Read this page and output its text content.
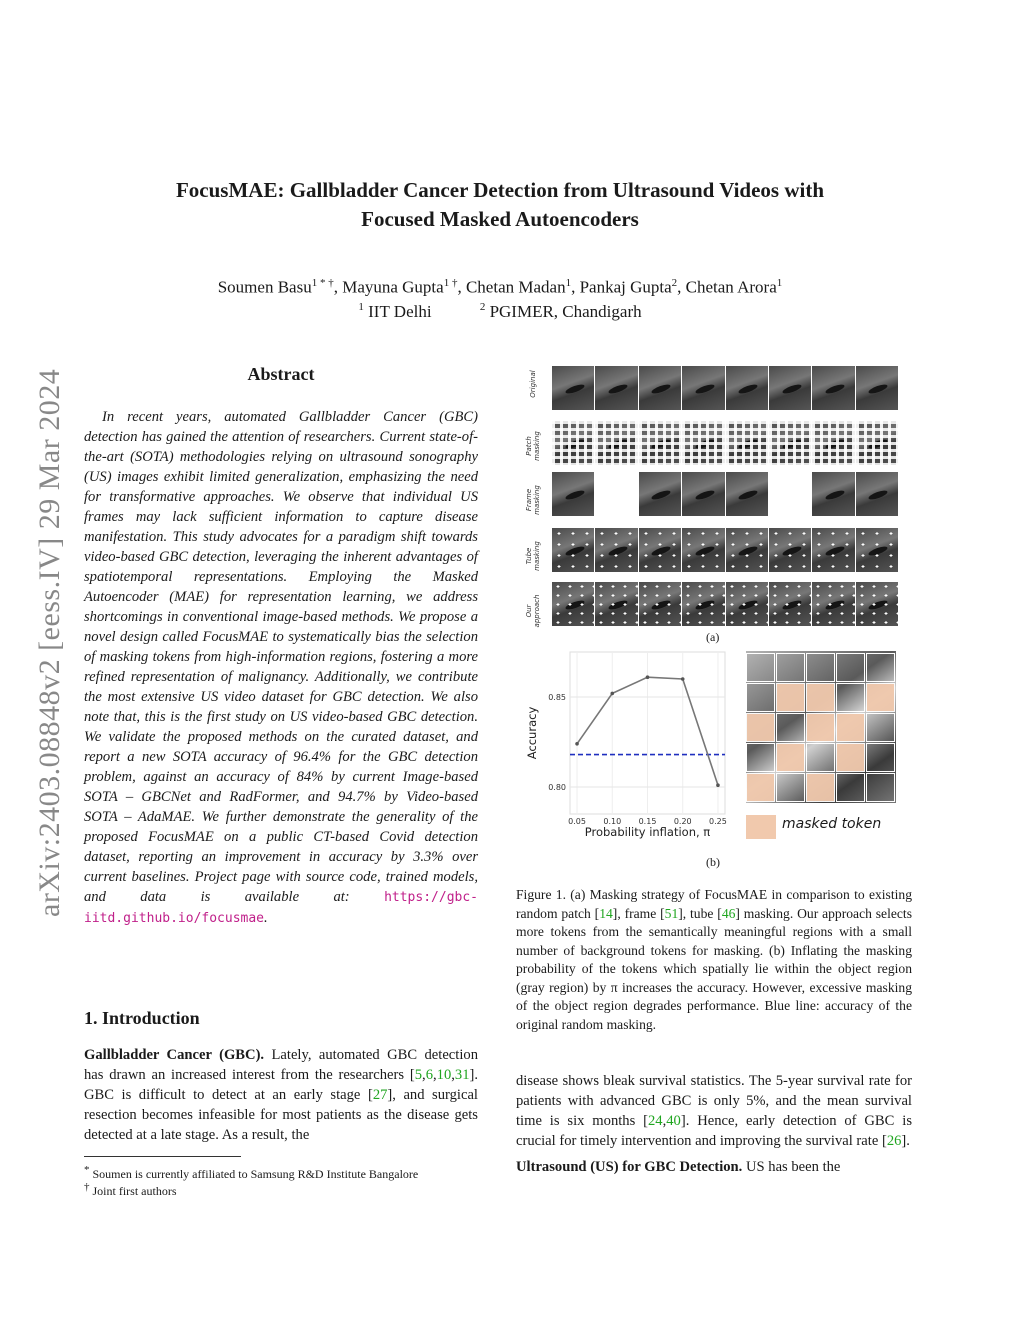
arXiv:2403.08848v2 [eess.IV] 29 Mar 2024
FocusMAE: Gallbladder Cancer Detection from Ultrasound Videos with
Focused Masked Autoencoders
Soumen Basu$^{1 * \dagger}$, Mayuna Gupta$^{1 \dagger}$, Chetan Madan$^1$, Pankaj Gupta$^2$, Chetan Arora$^1$
$^1$ IIT Delhi	$^2$ PGIMER, Chandigarh
Abstract

In recent years, automated Gallbladder Cancer (GBC) detection has gained the attention of researchers. Current state-of-the-art (SOTA) methodologies relying on ultrasound sonography (US) images exhibit limited generalization, emphasizing the need for transformative approaches. We observe that individual US frames may lack sufficient information to capture disease manifestation. This study advocates for a paradigm shift towards video-based GBC detection, leveraging the inherent advantages of spatiotemporal representations. Employing the Masked Autoencoder (MAE) for representation learning, we address shortcomings in conventional image-based methods. We propose a novel design called FocusMAE to systematically bias the selection of masking tokens from high-information regions, fostering a more refined representation of malignancy. Additionally, we contribute the most extensive US video dataset for GBC detection. We also note that, this is the first study on US video-based GBC detection. We validate the proposed methods on the curated dataset, and report a new SOTA accuracy of 96.4% for the GBC detection problem, against an accuracy of 84% by current Image-based SOTA – GBCNet and RadFormer, and 94.7% by Video-based SOTA – AdaMAE. We further demonstrate the generality of the proposed FocusMAE on a public CT-based Covid detection dataset, reporting an improvement in accuracy by 3.3% over current baselines. Project page with source code, trained models, and data is available at:	https://gbc-iitd.github.io/focusmae.

1. Introduction
Gallbladder Cancer (GBC). Lately, automated GBC detection has drawn an increased interest from the researchers [5,6,10,31]. GBC is difficult to detect at an early stage [27], and surgical resection becomes infeasible for most patients as the disease gets detected at a late stage. As a result, the
* Soumen is currently affiliated to Samsung R&D Institute Bangalore
† Joint first authors
Original
Patch masking
Frame masking
Tube masking
Our approach
(a)
0.05 0.10 0.15 0.20 0.25
0.80
0.85
Probability inflation, π
Accuracy
masked token
(b)
Figure 1. (a) Masking strategy of FocusMAE in comparison to existing random patch [14], frame [51], tube [46] masking. Our approach selects more tokens from the semantically meaningful regions with a small number of background tokens for masking. (b) Inflating the masking probability of the tokens which spatially lie within the object region (gray region) by π increases the accuracy. However, excessive masking of the object region degrades performance. Blue line: accuracy of the original random masking.
disease shows bleak survival statistics. The 5-year survival rate for patients with advanced GBC is only 5%, and the mean survival time is six months [24,40]. Hence, early detection of GBC is crucial for timely intervention and improving the survival rate [26].
Ultrasound (US) for GBC Detection. US has been the
